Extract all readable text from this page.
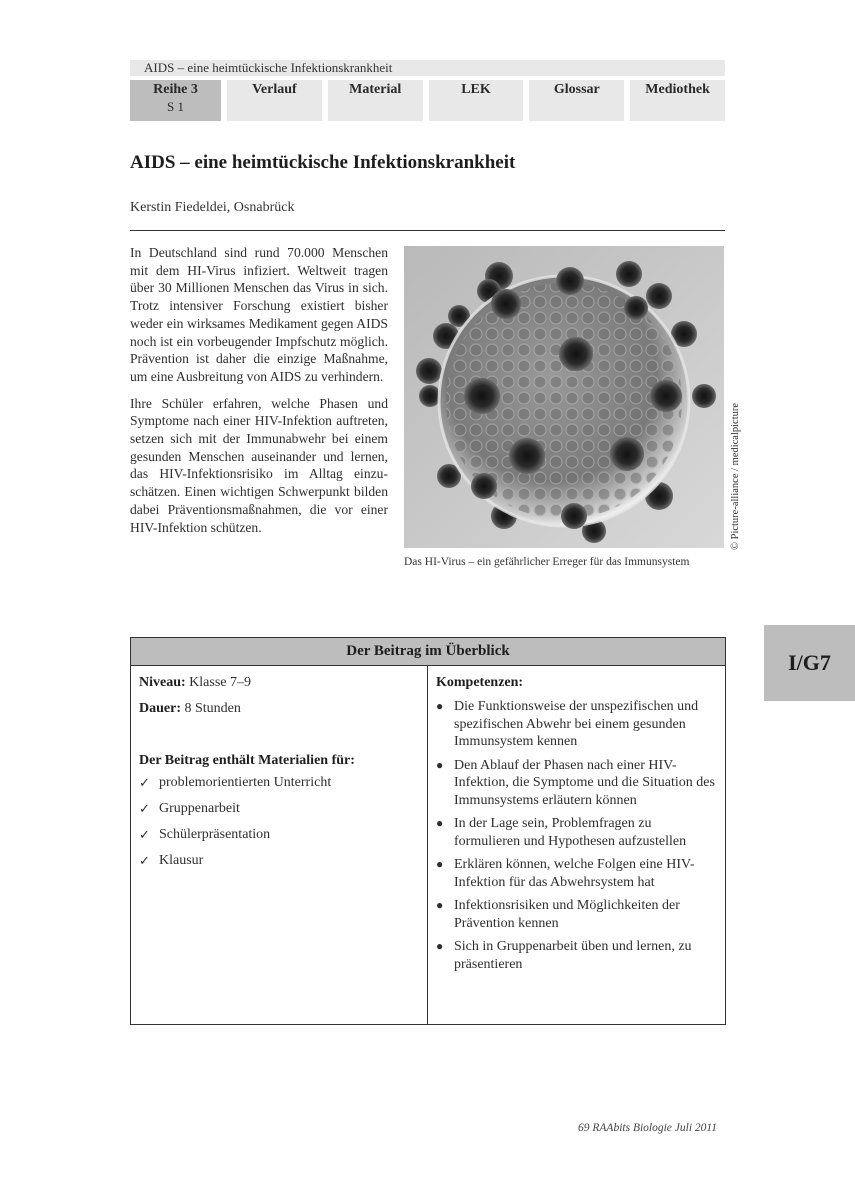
AIDS – eine heimtückische Infektionskrankheit
Reihe 3
S 1
Verlauf	Material	LEK	Glossar	Mediothek
AIDS – eine heimtückische Infektionskrankheit
Kerstin Fiedeldei, Osnabrück

In Deutschland sind rund 70.000 Menschen mit dem HI-Virus infiziert. Weltweit tragen über 30 Millionen Menschen das Virus in sich. Trotz intensiver Forschung existiert bisher weder ein wirksames Medikament gegen AIDS noch ist ein vorbeugender Impfschutz möglich. Prävention ist daher die einzige Maßnahme, um eine Ausbreitung von AIDS zu verhindern.

Ihre Schüler erfahren, welche Phasen und Symptome nach einer HIV-Infektion auftreten, setzen sich mit der Immunabwehr bei einem gesunden Menschen auseinander und lernen, das HIV-Infektionsrisiko im Alltag einzuschätzen. Einen wichtigen Schwerpunkt bilden dabei Präventionsmaßnahmen, die vor einer HIV-Infektion schützen.

Das HI-Virus – ein gefährlicher Erreger für das Immunsystem
© Picture-alliance / medicalpicture
I/G7
Der Beitrag im Überblick
Niveau: Klasse 7–9
Dauer: 8 Stunden
Der Beitrag enthält Materialien für:
✓ problemorientierten Unterricht
✓ Gruppenarbeit
✓ Schülerpräsentation
✓ Klausur
Kompetenzen:
● Die Funktionsweise der unspezifischen und spezifischen Abwehr bei einem gesunden Immunsystem kennen
● Den Ablauf der Phasen nach einer HIV-Infektion, die Symptome und die Situation des Immunsystems erläutern können
● In der Lage sein, Problemfragen zu formulieren und Hypothesen aufzustellen
● Erklären können, welche Folgen eine HIV-Infektion für das Abwehrsystem hat
● Infektionsrisiken und Möglichkeiten der Prävention kennen
● Sich in Gruppenarbeit üben und lernen, zu präsentieren
69 RAAbits Biologie Juli 2011
